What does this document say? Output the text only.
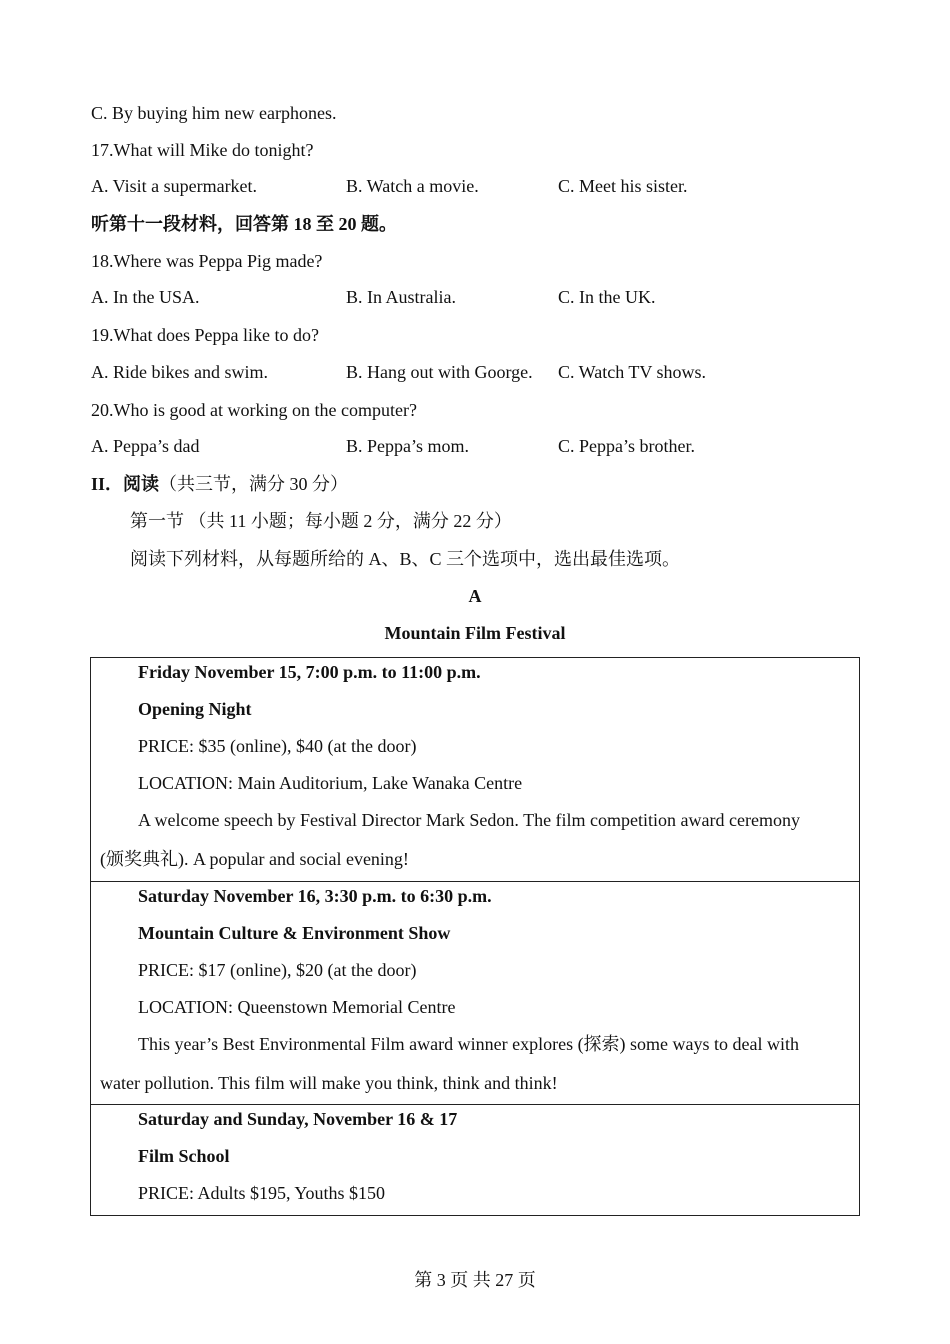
C. By buying him new earphones.
17.What will Mike do tonight?
A. Visit a supermarket.	B. Watch a movie.	C. Meet his sister.
听第十一段材料，回答第 18 至 20 题。
18.Where was Peppa Pig made?
A. In the USA.	B. In Australia.	C. In the UK.
19.What does Peppa like to do?
A. Ride bikes and swim.	B. Hang out with Goorge. C. Watch TV shows.
20.Who is good at working on the computer?
A. Peppa’s dad	B. Peppa’s mom.	C. Peppa’s brother.
II．阅读（共三节，满分 30 分）
第一节 （共 11 小题；每小题 2 分，满分 22 分）
阅读下列材料，从每题所给的 A、B、C 三个选项中，选出最佳选项。
A
Mountain Film Festival
Friday November 15, 7:00 p.m. to 11:00 p.m.
Opening Night
PRICE: $35 (online), $40 (at the door)
LOCATION: Main Auditorium, Lake Wanaka Centre
A welcome speech by Festival Director Mark Sedon. The film competition award ceremony
(颁奖典礼). A popular and social evening!
Saturday November 16, 3:30 p.m. to 6:30 p.m.
Mountain Culture & Environment Show
PRICE: $17 (online), $20 (at the door)
LOCATION: Queenstown Memorial Centre
This year’s Best Environmental Film award winner explores (探索) some ways to deal with
water pollution. This film will make you think, think and think!
Saturday and Sunday, November 16 & 17
Film School
PRICE: Adults $195, Youths $150
第 3 页 共 27 页
